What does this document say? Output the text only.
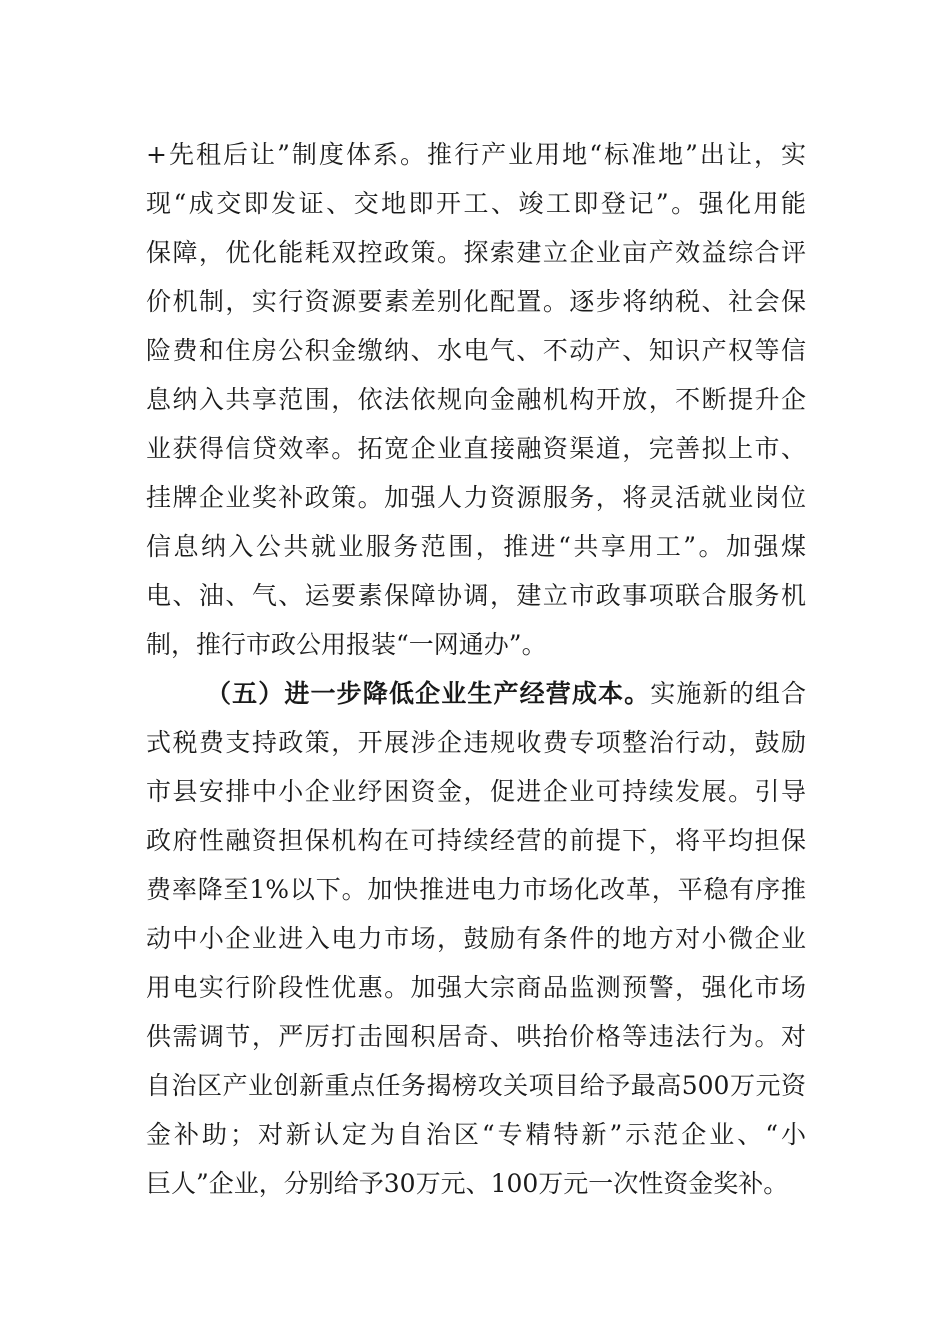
+先租后让”制度体系。推行产业用地“标准地”出让，实
现“成交即发证、交地即开工、竣工即登记”。强化用能
保障，优化能耗双控政策。探索建立企业亩产效益综合评
价机制，实行资源要素差别化配置。逐步将纳税、社会保
险费和住房公积金缴纳、水电气、不动产、知识产权等信
息纳入共享范围，依法依规向金融机构开放，不断提升企
业获得信贷效率。拓宽企业直接融资渠道，完善拟上市、
挂牌企业奖补政策。加强人力资源服务，将灵活就业岗位
信息纳入公共就业服务范围，推进“共享用工”。加强煤
电、油、气、运要素保障协调，建立市政事项联合服务机
制，推行市政公用报装“一网通办”。
（五）进一步降低企业生产经营成本。实施新的组合
式税费支持政策，开展涉企违规收费专项整治行动，鼓励
市县安排中小企业纾困资金，促进企业可持续发展。引导
政府性融资担保机构在可持续经营的前提下，将平均担保
费率降至1%以下。加快推进电力市场化改革，平稳有序推
动中小企业进入电力市场，鼓励有条件的地方对小微企业
用电实行阶段性优惠。加强大宗商品监测预警，强化市场
供需调节，严厉打击囤积居奇、哄抬价格等违法行为。对
自治区产业创新重点任务揭榜攻关项目给予最高500万元资
金补助；对新认定为自治区“专精特新”示范企业、“小
巨人”企业，分别给予30万元、100万元一次性资金奖补。
